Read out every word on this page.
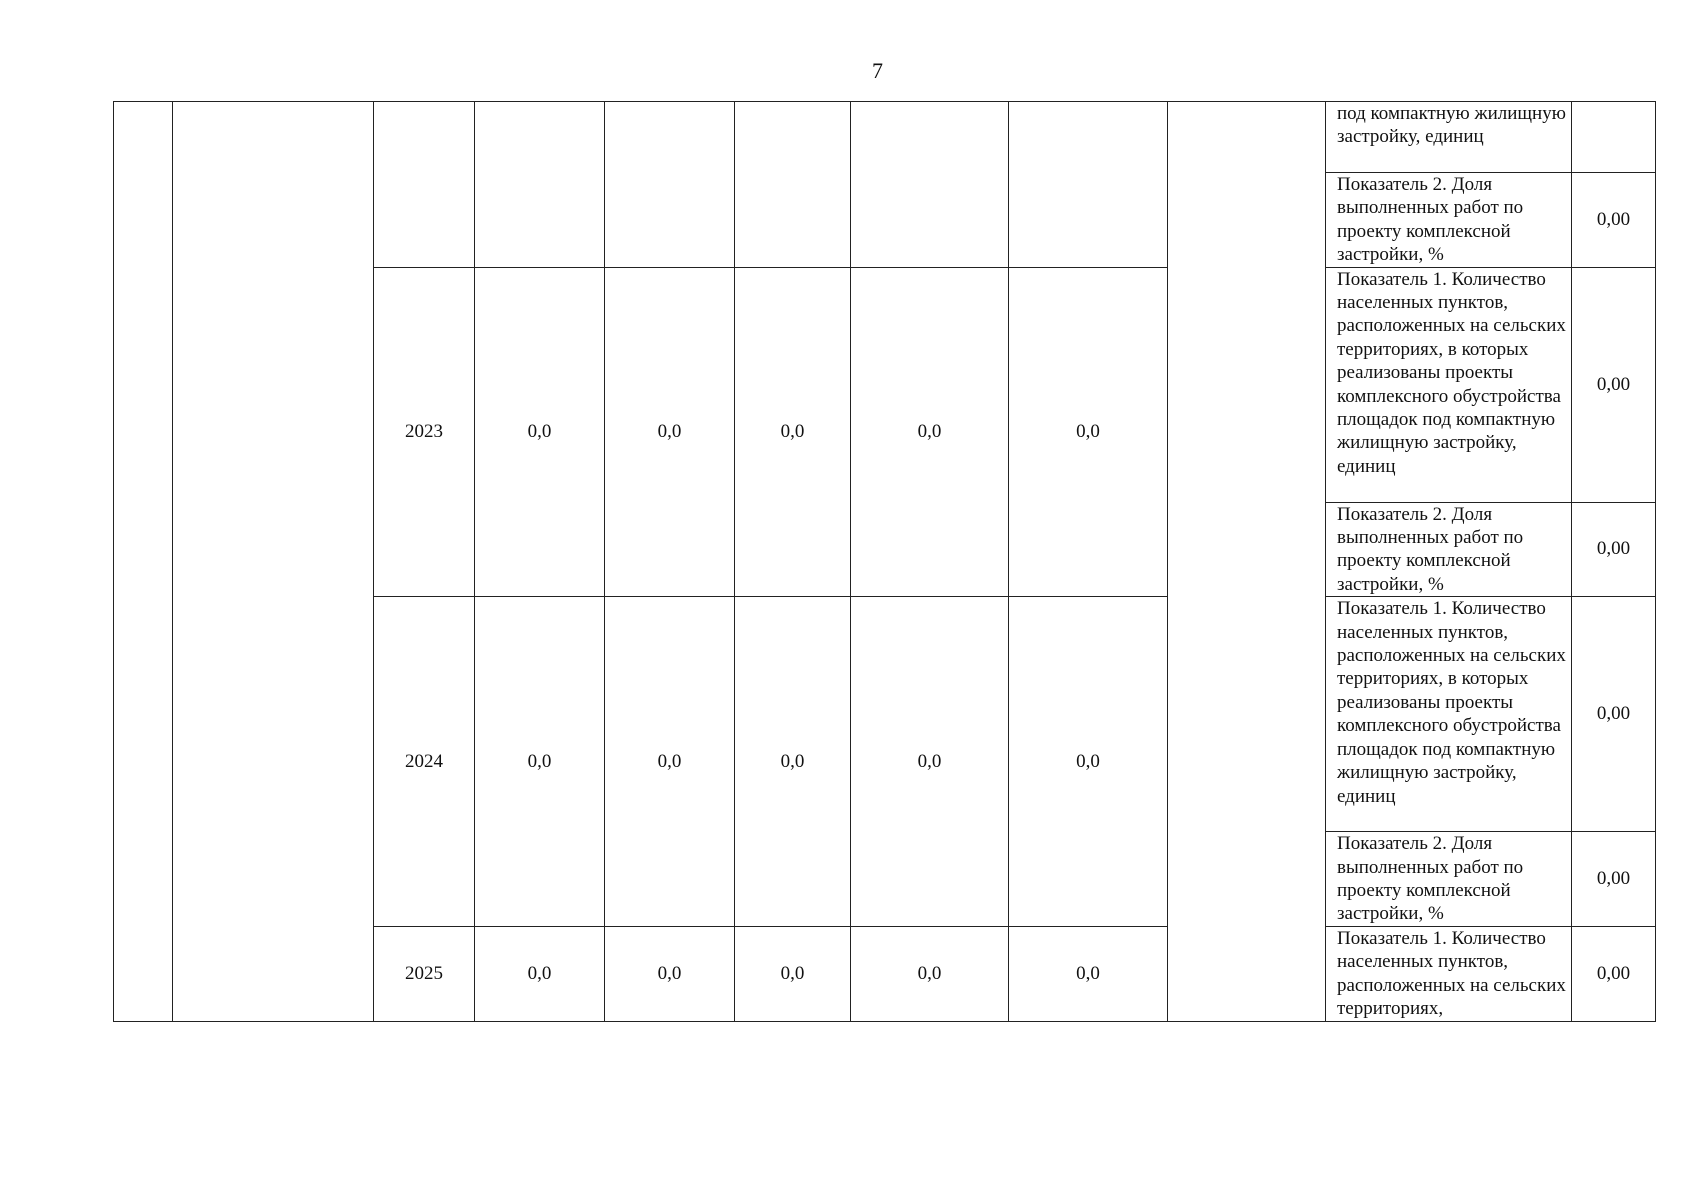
7
									под компактную жилищную застройку, единиц	
									Показатель 2. Доля выполненных работ по проекту комплексной застройки, %	0,00
		2023	0,0	0,0	0,0	0,0	0,0		Показатель 1. Количество населенных пунктов, расположенных на сельских территориях, в которых реализованы проекты комплексного обустройства площадок под компактную жилищную застройку, единиц	0,00
									Показатель 2. Доля выполненных работ по проекту комплексной застройки, %	0,00
		2024	0,0	0,0	0,0	0,0	0,0		Показатель 1. Количество населенных пунктов, расположенных на сельских территориях, в которых реализованы проекты комплексного обустройства площадок под компактную жилищную застройку, единиц	0,00
									Показатель 2. Доля выполненных работ по проекту комплексной застройки, %	0,00
		2025	0,0	0,0	0,0	0,0	0,0		Показатель 1. Количество населенных пунктов, расположенных на сельских территориях,	0,00
